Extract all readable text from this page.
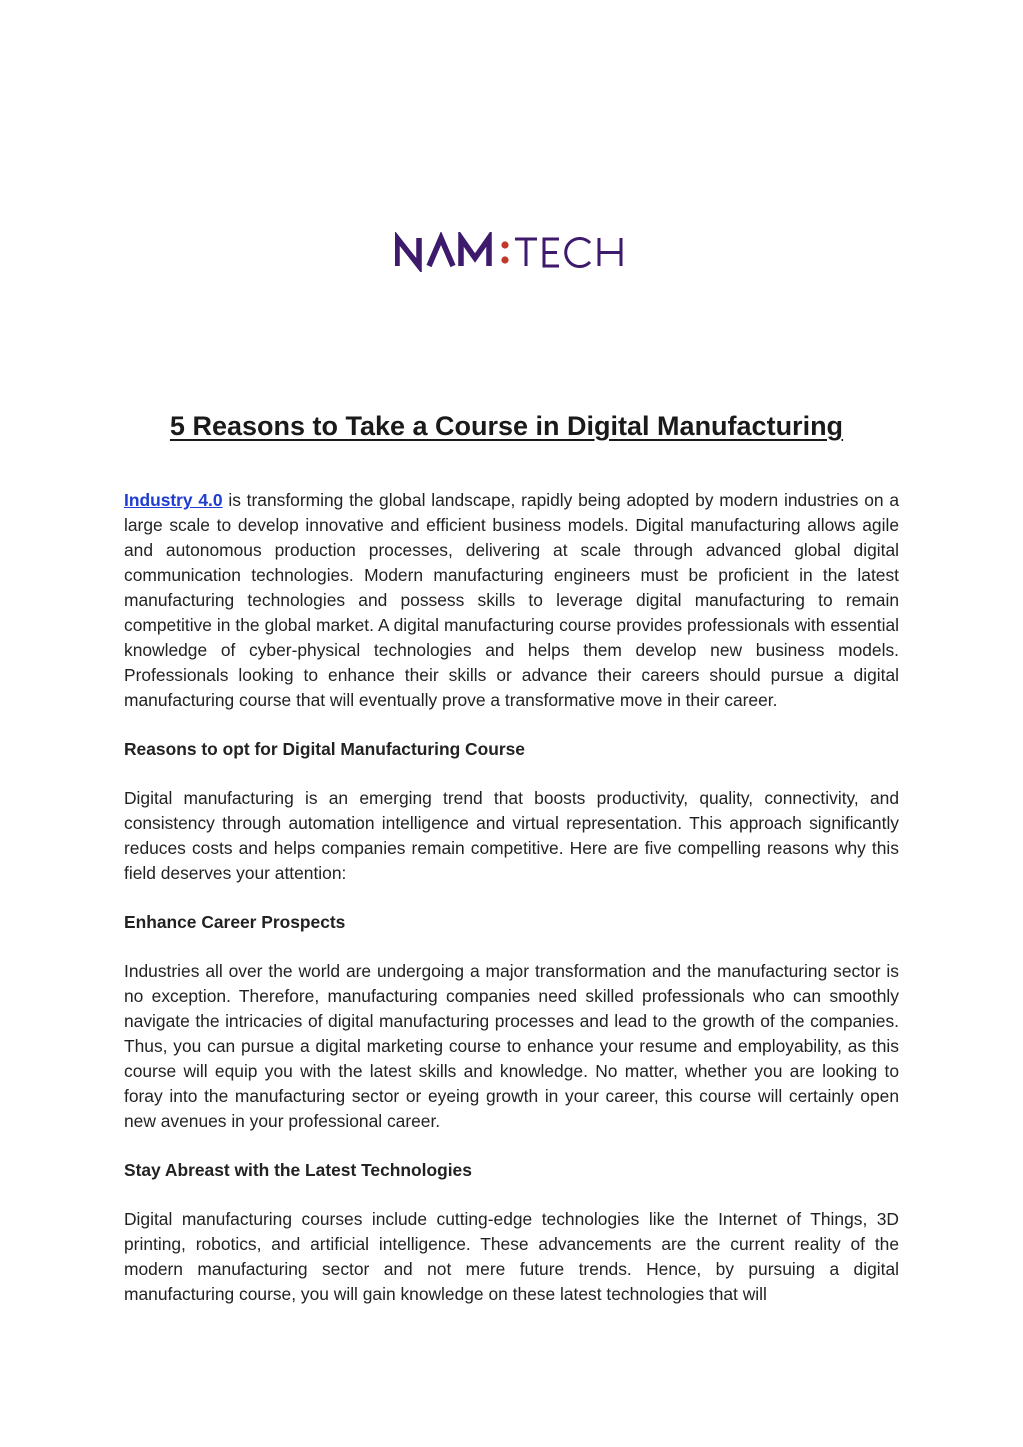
5 Reasons to Take a Course in Digital Manufacturing

Industry 4.0 is transforming the global landscape, rapidly being adopted by modern industries on a large scale to develop innovative and efficient business models. Digital manufacturing allows agile and autonomous production processes, delivering at scale through advanced global digital communication technologies. Modern manufacturing engineers must be proficient in the latest manufacturing technologies and possess skills to leverage digital manufacturing to remain competitive in the global market. A digital manufacturing course provides professionals with essential knowledge of cyber-physical technologies and helps them develop new business models. Professionals looking to enhance their skills or advance their careers should pursue a digital manufacturing course that will eventually prove a transformative move in their career.

Reasons to opt for Digital Manufacturing Course

Digital manufacturing is an emerging trend that boosts productivity, quality, connectivity, and consistency through automation intelligence and virtual representation. This approach significantly reduces costs and helps companies remain competitive. Here are five compelling reasons why this field deserves your attention:

Enhance Career Prospects

Industries all over the world are undergoing a major transformation and the manufacturing sector is no exception. Therefore, manufacturing companies need skilled professionals who can smoothly navigate the intricacies of digital manufacturing processes and lead to the growth of the companies. Thus, you can pursue a digital marketing course to enhance your resume and employability, as this course will equip you with the latest skills and knowledge. No matter, whether you are looking to foray into the manufacturing sector or eyeing growth in your career, this course will certainly open new avenues in your professional career.

Stay Abreast with the Latest Technologies

Digital manufacturing courses include cutting-edge technologies like the Internet of Things, 3D printing, robotics, and artificial intelligence. These advancements are the current reality of the modern manufacturing sector and not mere future trends. Hence, by pursuing a digital manufacturing course, you will gain knowledge on these latest technologies that will
